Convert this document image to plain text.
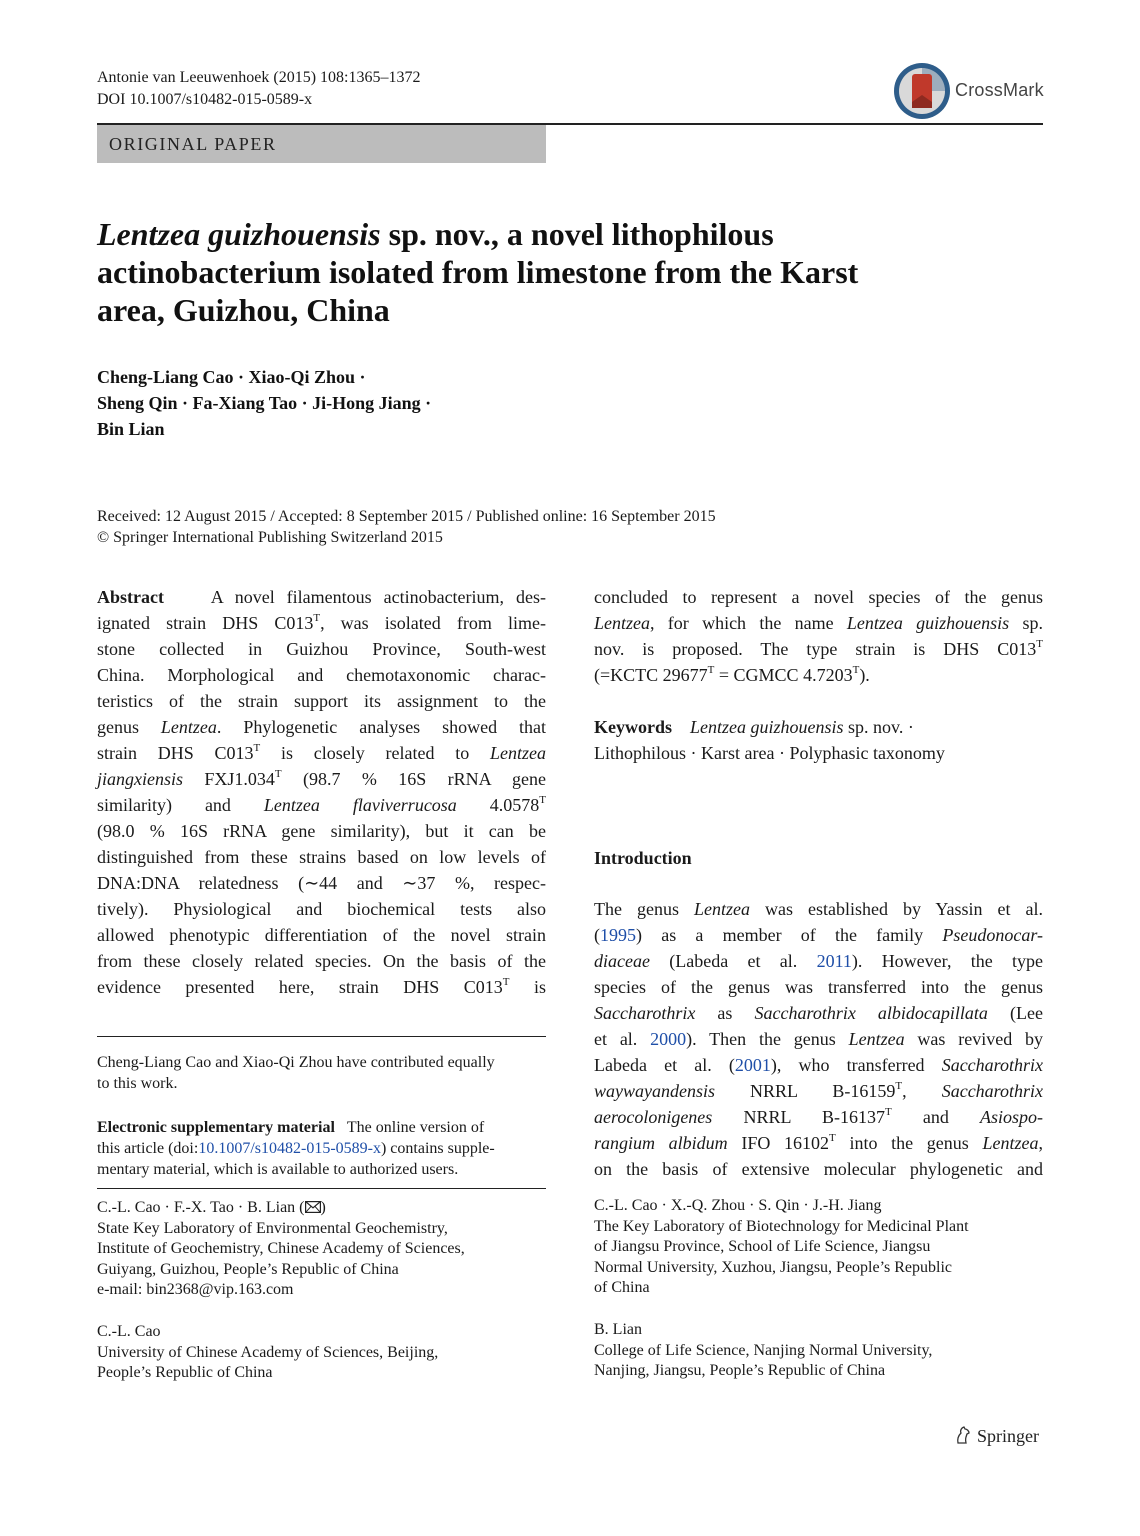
Antonie van Leeuwenhoek (2015) 108:1365–1372
DOI 10.1007/s10482-015-0589-x	CrossMark
ORIGINAL PAPER
Lentzea guizhouensis sp. nov., a novel lithophilous
actinobacterium isolated from limestone from the Karst
area, Guizhou, China
Cheng-Liang Cao · Xiao-Qi Zhou ·
Sheng Qin · Fa-Xiang Tao · Ji-Hong Jiang ·
Bin Lian
Received: 12 August 2015 / Accepted: 8 September 2015 / Published online: 16 September 2015
© Springer International Publishing Switzerland 2015
Abstract	A novel filamentous actinobacterium, des-
ignated strain DHS $C013^T$, was isolated from lime-
stone collected in Guizhou Province, South-west
China. Morphological and chemotaxonomic charac-
teristics of the strain support its assignment to the
genus Lentzea. Phylogenetic analyses showed that
strain DHS $C013^T$ is closely related to Lentzea
jiangxiensis $FXJ1.034^T$ (98.7 % 16S rRNA gene
similarity) and Lentzea flaviverrucosa $4.0578^T$
(98.0 % 16S rRNA gene similarity), but it can be
distinguished from these strains based on low levels of
DNA:DNA relatedness (∼44 and ∼37 %, respec-
tively). Physiological and biochemical tests also
allowed phenotypic differentiation of the novel strain
from these closely related species. On the basis of the
evidence presented here, strain DHS $C013^T$ is
concluded to represent a novel species of the genus
Lentzea, for which the name Lentzea guizhouensis sp.
nov. is proposed. The type strain is DHS $C013^T$
(=KCTC $29677^T$ = CGMCC $4.7203^T$).
Keywords Lentzea guizhouensis sp. nov. ·
Lithophilous · Karst area · Polyphasic taxonomy
Introduction
The genus Lentzea was established by Yassin et al.
(1995) as a member of the family Pseudonocar-
diaceae (Labeda et al. 2011). However, the type
species of the genus was transferred into the genus
Saccharothrix as Saccharothrix albidocapillata (Lee
et al. 2000). Then the genus Lentzea was revived by
Labeda et al. (2001), who transferred Saccharothrix
waywayandensis NRRL $B-16159^T$, Saccharothrix
aerocolonigenes NRRL $B-16137^T$ and Asiospo-
rangium albidum IFO $16102^T$ into the genus Lentzea,
on the basis of extensive molecular phylogenetic and
Cheng-Liang Cao and Xiao-Qi Zhou have contributed equally
to this work.
Electronic supplementary material The online version of
this article (doi:10.1007/s10482-015-0589-x) contains supple-
mentary material, which is available to authorized users.
C.-L. Cao · F.-X. Tao · B. Lian ( )
State Key Laboratory of Environmental Geochemistry,
Institute of Geochemistry, Chinese Academy of Sciences,
Guiyang, Guizhou, People’s Republic of China
e-mail: bin2368@vip.163.com
C.-L. Cao
University of Chinese Academy of Sciences, Beijing,
People’s Republic of China
C.-L. Cao · X.-Q. Zhou · S. Qin · J.-H. Jiang
The Key Laboratory of Biotechnology for Medicinal Plant
of Jiangsu Province, School of Life Science, Jiangsu
Normal University, Xuzhou, Jiangsu, People’s Republic
of China
B. Lian
College of Life Science, Nanjing Normal University,
Nanjing, Jiangsu, People’s Republic of China
Springer
